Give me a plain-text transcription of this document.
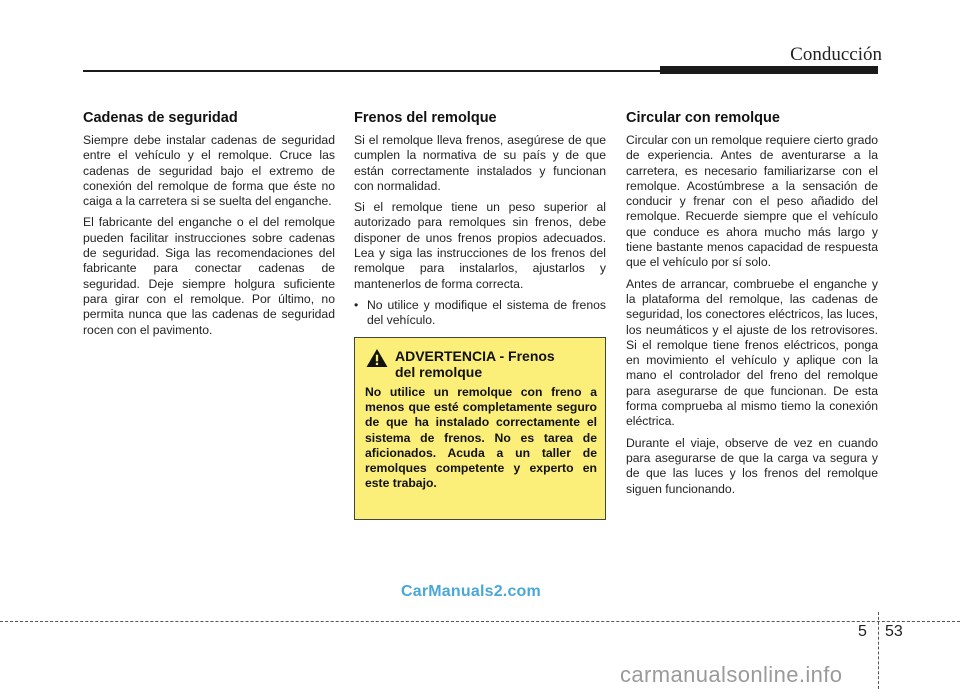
Conducción
Cadenas de seguridad

Siempre debe instalar cadenas de seguridad entre el vehículo y el remolque. Cruce las cadenas de seguridad bajo el extremo de conexión del remolque de forma que éste no caiga a la carretera si se suelta del enganche.

El fabricante del enganche o el del remolque pueden facilitar instrucciones sobre cadenas de seguridad. Siga las recomendaciones del fabricante para conectar cadenas de seguridad. Deje siempre holgura suficiente para girar con el remolque. Por último, no permita nunca que las cadenas de seguridad rocen con el pavimento.

Frenos del remolque

Si el remolque lleva frenos, asegúrese de que cumplen la normativa de su país y de que están correctamente instalados y funcionan con normalidad.

Si el remolque tiene un peso superior al autorizado para remolques sin frenos, debe disponer de unos frenos propios adecuados. Lea y siga las instrucciones de los frenos del remolque para instalarlos, ajustarlos y mantenerlos de forma correcta.

• No utilice y modifique el sistema de frenos del vehículo.
ADVERTENCIA - Frenos
del remolque
No utilice un remolque con freno a menos que esté completamente seguro de que ha instalado correctamente el sistema de frenos. No es tarea de aficionados. Acuda a un taller de remolques competente y experto en este trabajo.
Circular con remolque

Circular con un remolque requiere cierto grado de experiencia. Antes de aventurarse a la carretera, es necesario familiarizarse con el remolque. Acostúmbrese a la sensación de conducir y frenar con el peso añadido del remolque. Recuerde siempre que el vehículo que conduce es ahora mucho más largo y tiene bastante menos capacidad de respuesta que el vehículo por sí solo.

Antes de arrancar, combruebe el enganche y la plataforma del remolque, las cadenas de seguridad, los conectores eléctricos, las luces, los neumáticos y el ajuste de los retrovisores. Si el remolque tiene frenos eléctricos, ponga en movimiento el vehículo y aplique con la mano el controlador del freno del remolque para asegurarse de que funcionan. De esta forma comprueba al mismo tiemo la conexión eléctrica.

Durante el viaje, observe de vez en cuando para asegurarse de que la carga va segura y de que las luces y los frenos del remolque siguen funcionando.

CarManuals2.com
5 53
carmanualsonline.info
